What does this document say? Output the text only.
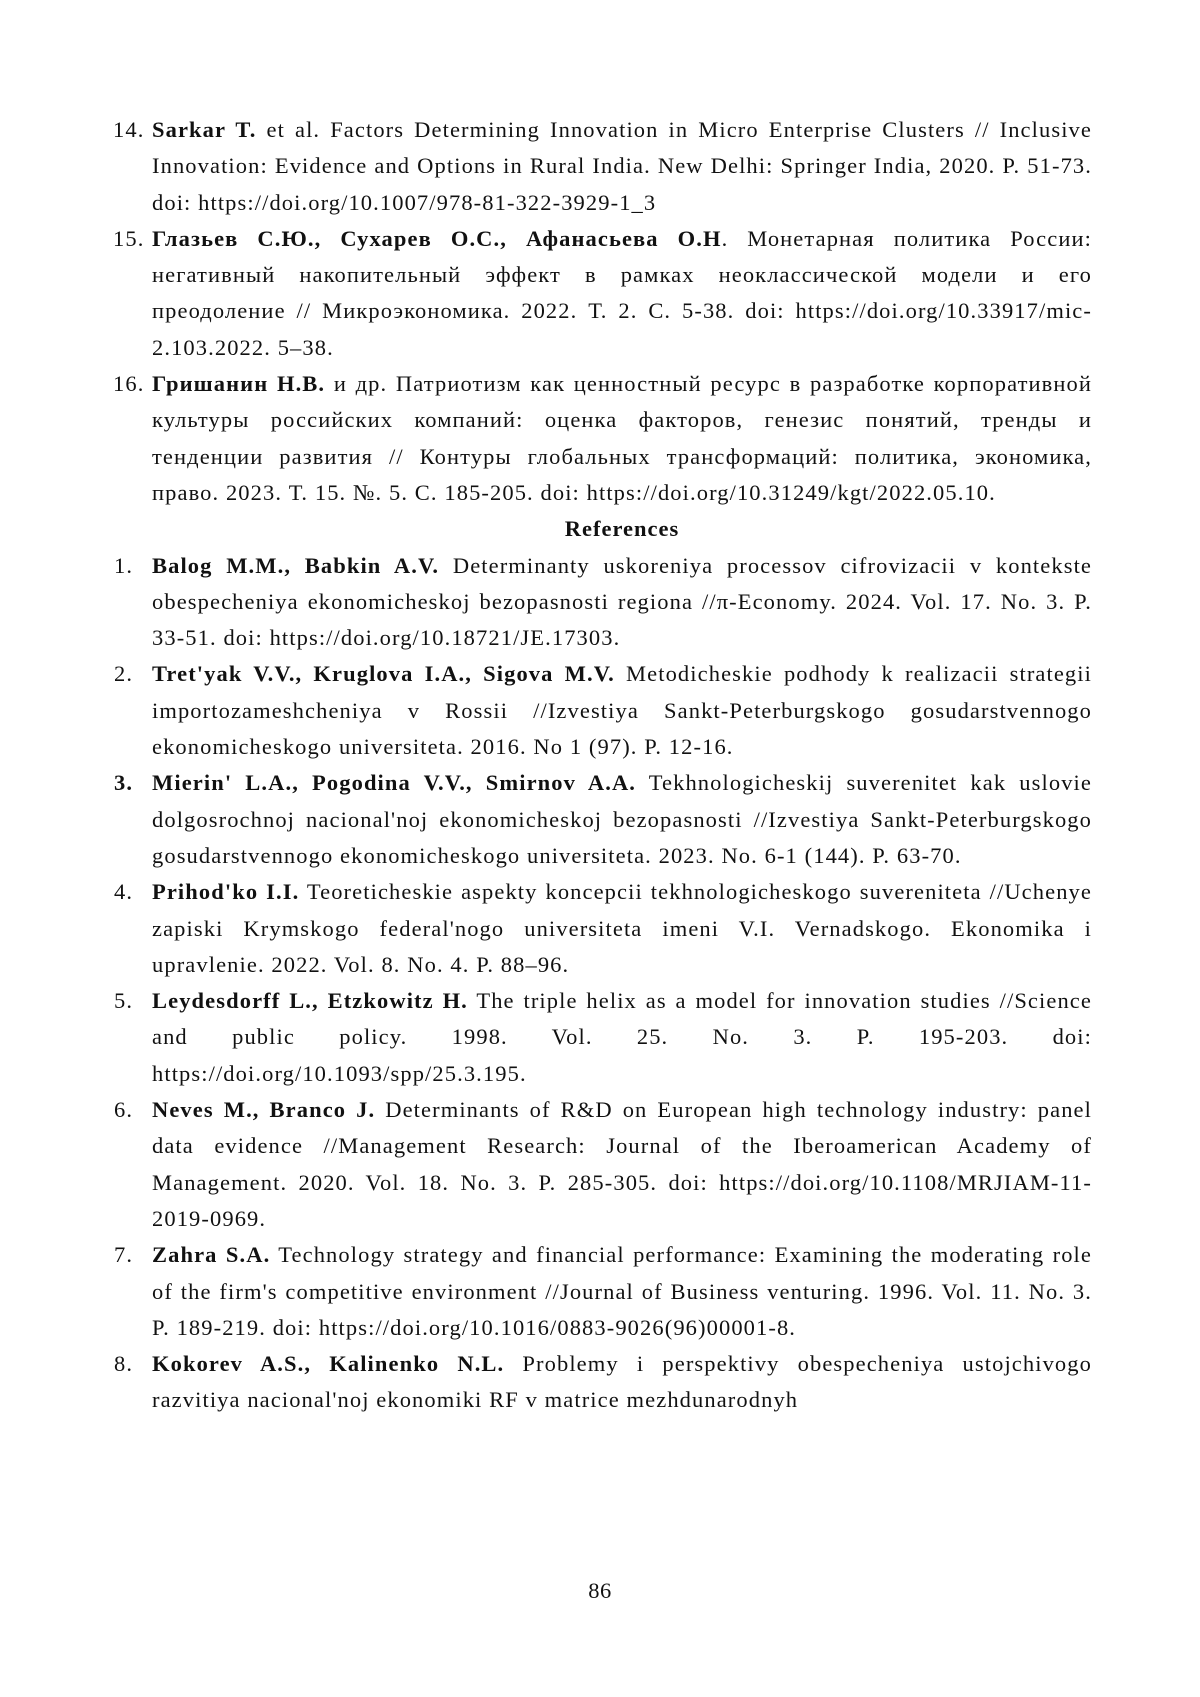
14. Sarkar T. et al. Factors Determining Innovation in Micro Enterprise Clusters // Inclusive Innovation: Evidence and Options in Rural India. New Delhi: Springer India, 2020. P. 51-73. doi: https://doi.org/10.1007/978-81-322-3929-1_3
15. Глазьев С.Ю., Сухарев О.С., Афанасьева О.Н. Монетарная политика России: негативный накопительный эффект в рамках неоклассической модели и его преодоление // Микроэкономика. 2022. Т. 2. С. 5-38. doi: https://doi.org/10.33917/mic-2.103.2022. 5–38.
16. Гришанин Н.В. и др. Патриотизм как ценностный ресурс в разработке корпоративной культуры российских компаний: оценка факторов, генезис понятий, тренды и тенденции развития // Контуры глобальных трансформаций: политика, экономика, право. 2023. Т. 15. №. 5. С. 185-205. doi: https://doi.org/10.31249/kgt/2022.05.10.
References
1. Balog M.M., Babkin A.V. Determinanty uskoreniya processov cifrovizacii v kontekste obespecheniya ekonomicheskoj bezopasnosti regiona //π-Economy. 2024. Vol. 17. No. 3. P. 33-51. doi: https://doi.org/10.18721/JE.17303.
2. Tret'yak V.V., Kruglova I.A., Sigova M.V. Metodicheskie podhody k realizacii strategii importozameshcheniya v Rossii //Izvestiya Sankt-Peterburgskogo gosudarstvennogo ekonomicheskogo universiteta. 2016. No 1 (97). P. 12-16.
3. Mierin' L.A., Pogodina V.V., Smirnov A.A. Tekhnologicheskij suverenitet kak uslovie dolgosrochnoj nacional'noj ekonomicheskoj bezopasnosti //Izvestiya Sankt-Peterburgskogo gosudarstvennogo ekonomicheskogo universiteta. 2023. No. 6-1 (144). P. 63-70.
4. Prihod'ko I.I. Teoreticheskie aspekty koncepcii tekhnologicheskogo suvereniteta //Uchenye zapiski Krymskogo federal'nogo universiteta imeni V.I. Vernadskogo. Ekonomika i upravlenie. 2022. Vol. 8. No. 4. P. 88–96.
5. Leydesdorff L., Etzkowitz H. The triple helix as a model for innovation studies //Science and public policy. 1998. Vol. 25. No. 3. P. 195-203. doi: https://doi.org/10.1093/spp/25.3.195.
6. Neves M., Branco J. Determinants of R&D on European high technology industry: panel data evidence //Management Research: Journal of the Iberoamerican Academy of Management. 2020. Vol. 18. No. 3. P. 285-305. doi: https://doi.org/10.1108/MRJIAM-11-2019-0969.
7. Zahra S.A. Technology strategy and financial performance: Examining the moderating role of the firm's competitive environment //Journal of Business venturing. 1996. Vol. 11. No. 3. P. 189-219. doi: https://doi.org/10.1016/0883-9026(96)00001-8.
8. Kokorev A.S., Kalinenko N.L. Problemy i perspektivy obespecheniya ustojchivogo razvitiya nacional'noj ekonomiki RF v matrice mezhdunarodnyh
86
